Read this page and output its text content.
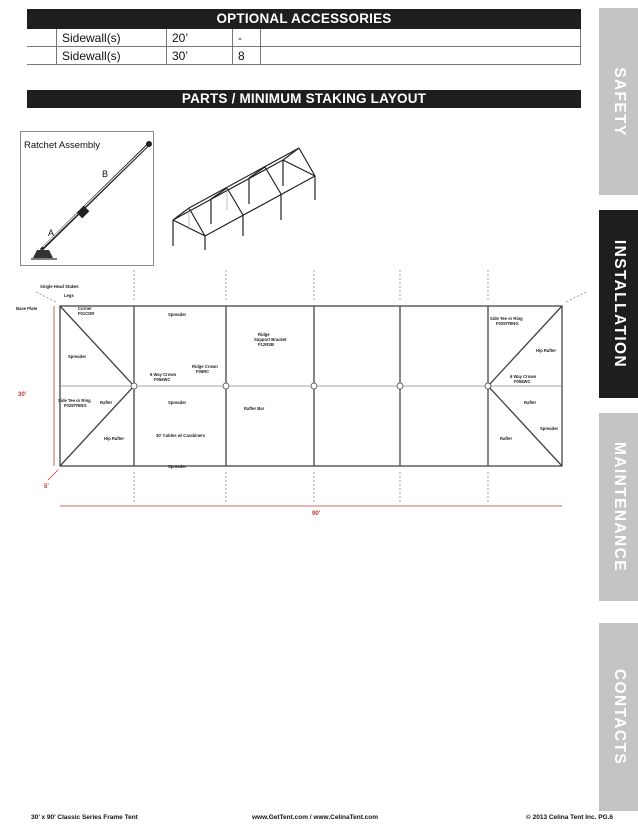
OPTIONAL ACCESSORIES
	Sidewall(s)	20’	-	
	Sidewall(s)	30’	8	
PARTS / MINIMUM STAKING LAYOUT
Ratchet Assembly
B
A
30'
90'
5'
Single Head Stakes
Legs
Base Plate	Corner
F01CDR	Spreader
Spreader
Ridge
Support Bracket
F12RSB
Ridge Crown
F06RC
6 Way Crown
F056WC
6 Way Crown
F056WC
Side Tee or Ring
F025TRING
Side Tee or Ring
F025TRING
Rafter	Rafter
Rafter
Spreader
Rafter Bar
Hip Rafter
Hip Rafter
Spreader
30' Cables w/ Carabiners
Spreader
SAFETY
INSTALLATION
MAINTENANCE
CONTACTS
30’ x 90’ Classic Series Frame Tent	www.GetTent.com / www.CelinaTent.com	© 2013 Celina Tent Inc. PG.6
